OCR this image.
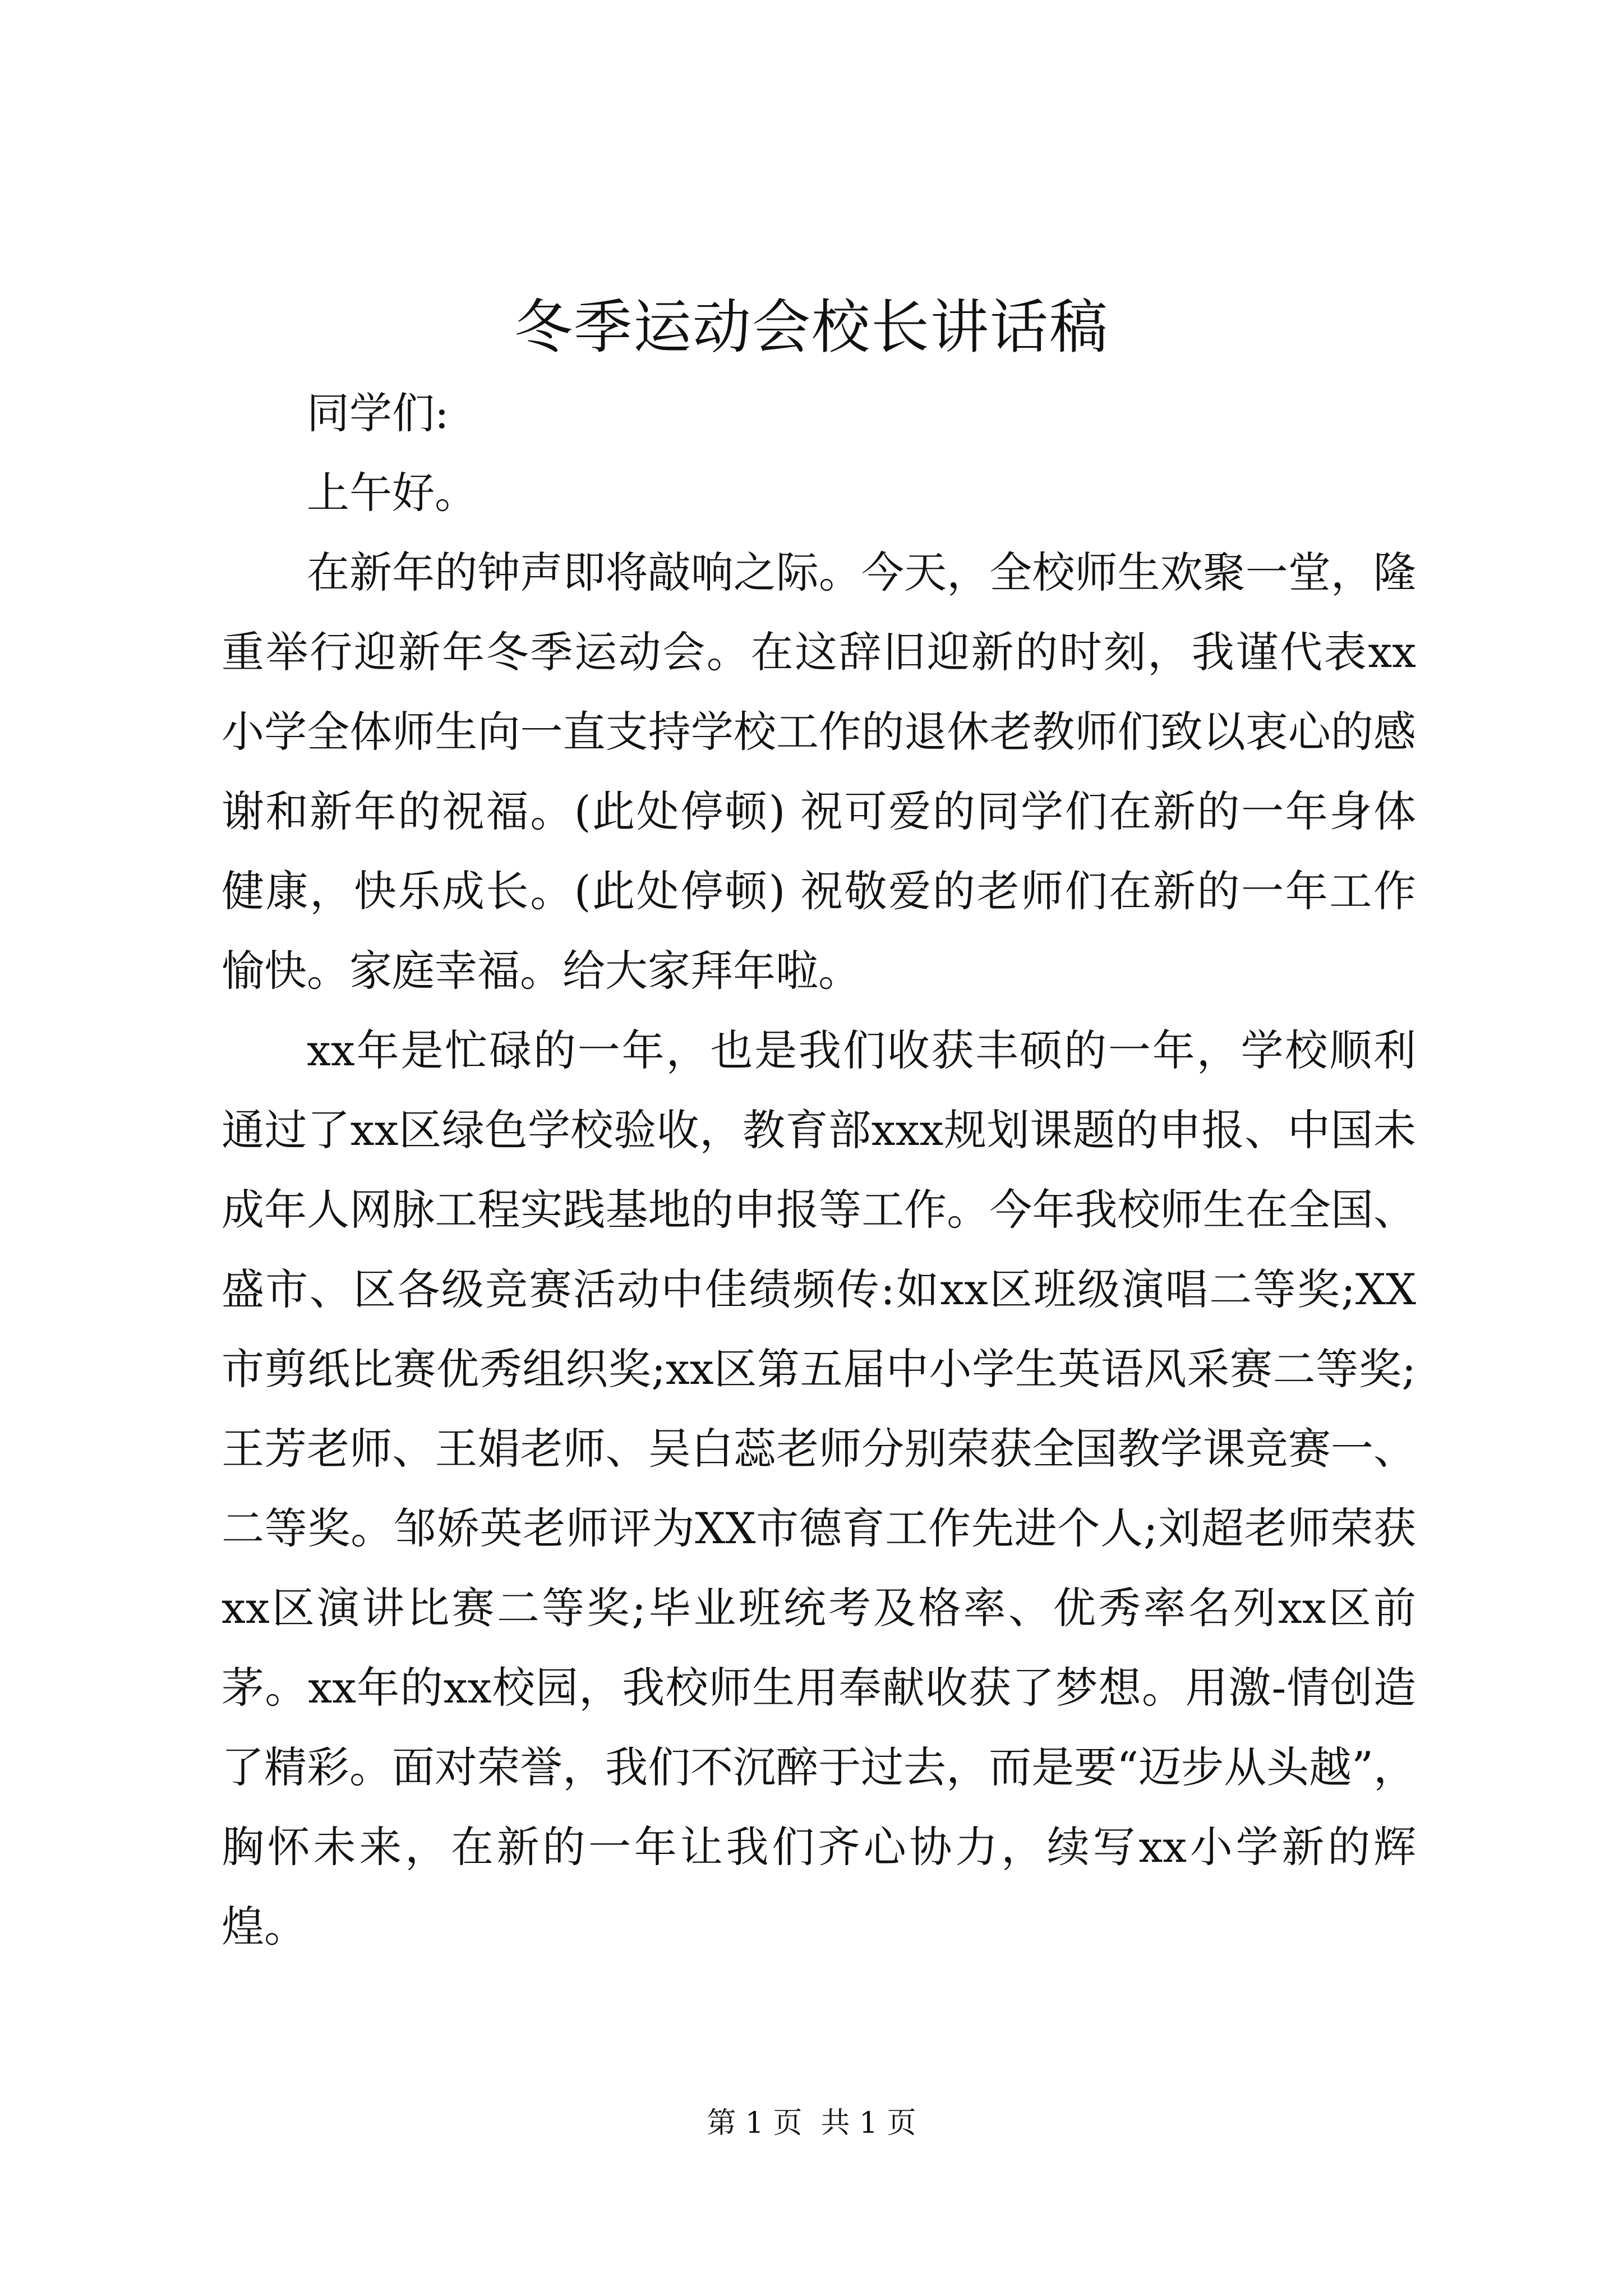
冬季运动会校长讲话稿

同学们:

上午好。

在新年的钟声即将敲响之际。今天，全校师生欢聚一堂，隆重举行迎新年冬季运动会。在这辞旧迎新的时刻，我谨代表xx小学全体师生向一直支持学校工作的退休老教师们致以衷心的感谢和新年的祝福。(此处停顿) 祝可爱的同学们在新的一年身体健康，快乐成长。(此处停顿) 祝敬爱的老师们在新的一年工作愉快。家庭幸福。给大家拜年啦。

xx年是忙碌的一年，也是我们收获丰硕的一年，学校顺利通过了xx区绿色学校验收，教育部xxx规划课题的申报、中国未成年人网脉工程实践基地的申报等工作。今年我校师生在全国、盛市、区各级竞赛活动中佳绩频传:如xx区班级演唱二等奖;XX市剪纸比赛优秀组织奖;xx区第五届中小学生英语风采赛二等奖;王芳老师、王娟老师、吴白蕊老师分别荣获全国教学课竞赛一、二等奖。邹娇英老师评为XX市德育工作先进个人;刘超老师荣获xx区演讲比赛二等奖;毕业班统考及格率、优秀率名列xx区前茅。xx年的xx校园，我校师生用奉献收获了梦想。用激-情创造了精彩。面对荣誉，我们不沉醉于过去，而是要“迈步从头越”，胸怀未来，在新的一年让我们齐心协力，续写xx小学新的辉煌。

第 1 页  共 1 页
